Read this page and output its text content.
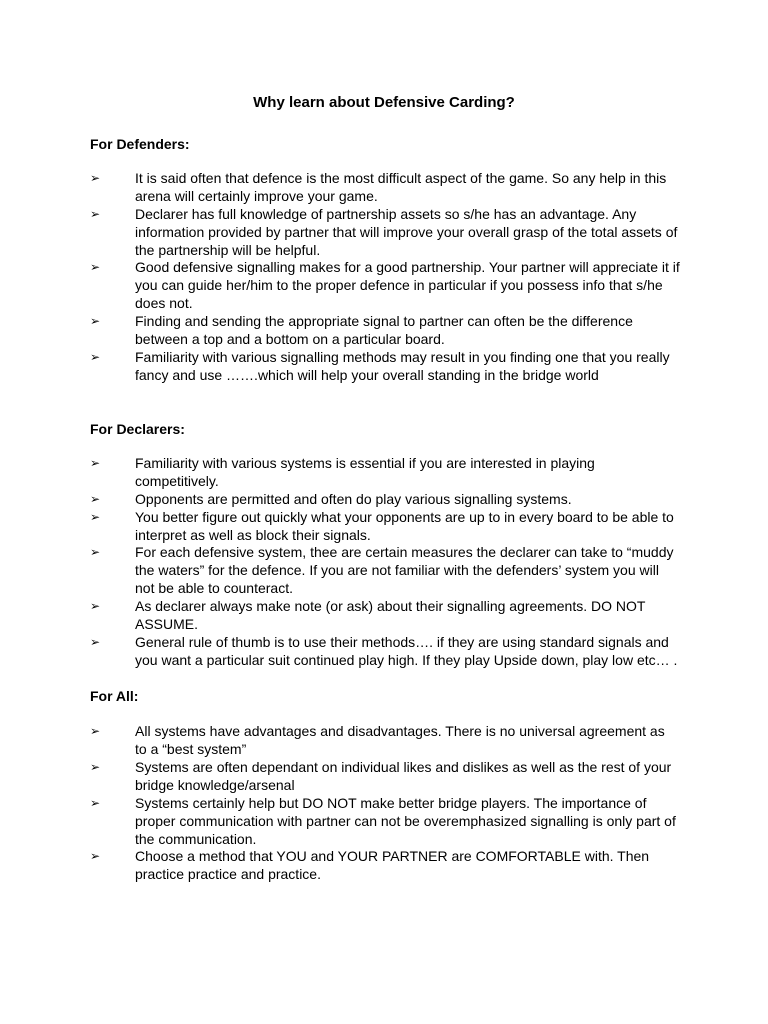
Why learn about Defensive Carding?
For Defenders:
➢ It is said often that defence is the most difficult aspect of the game. So any help in this arena will certainly improve your game.
➢ Declarer has full knowledge of partnership assets so s/he has an advantage. Any information provided by partner that will improve your overall grasp of the total assets of the partnership will be helpful.
➢ Good defensive signalling makes for a good partnership. Your partner will appreciate it if you can guide her/him to the proper defence in particular if you possess info that s/he does not.
➢ Finding and sending the appropriate signal to partner can often be the difference between a top and a bottom on a particular board.
➢ Familiarity with various signalling methods may result in you finding one that you really fancy and use …….which will help your overall standing in the bridge world
For Declarers:
➢ Familiarity with various systems is essential if you are interested in playing competitively.
➢ Opponents are permitted and often do play various signalling systems.
➢ You better figure out quickly what your opponents are up to in every board to be able to interpret as well as block their signals.
➢ For each defensive system, thee are certain measures the declarer can take to “muddy the waters” for the defence. If you are not familiar with the defenders’ system you will not be able to counteract.
➢ As declarer always make note (or ask) about their signalling agreements. DO NOT ASSUME.
➢ General rule of thumb is to use their methods…. if they are using standard signals and you want a particular suit continued play high. If they play Upside down, play low etc… .
For All:
➢ All systems have advantages and disadvantages. There is no universal agreement as to a “best system”
➢ Systems are often dependant on individual likes and dislikes as well as the rest of your bridge knowledge/arsenal
➢ Systems certainly help but DO NOT make better bridge players. The importance of proper communication with partner can not be overemphasized signalling is only part of the communication.
➢ Choose a method that YOU and YOUR PARTNER are COMFORTABLE with. Then practice practice and practice.
